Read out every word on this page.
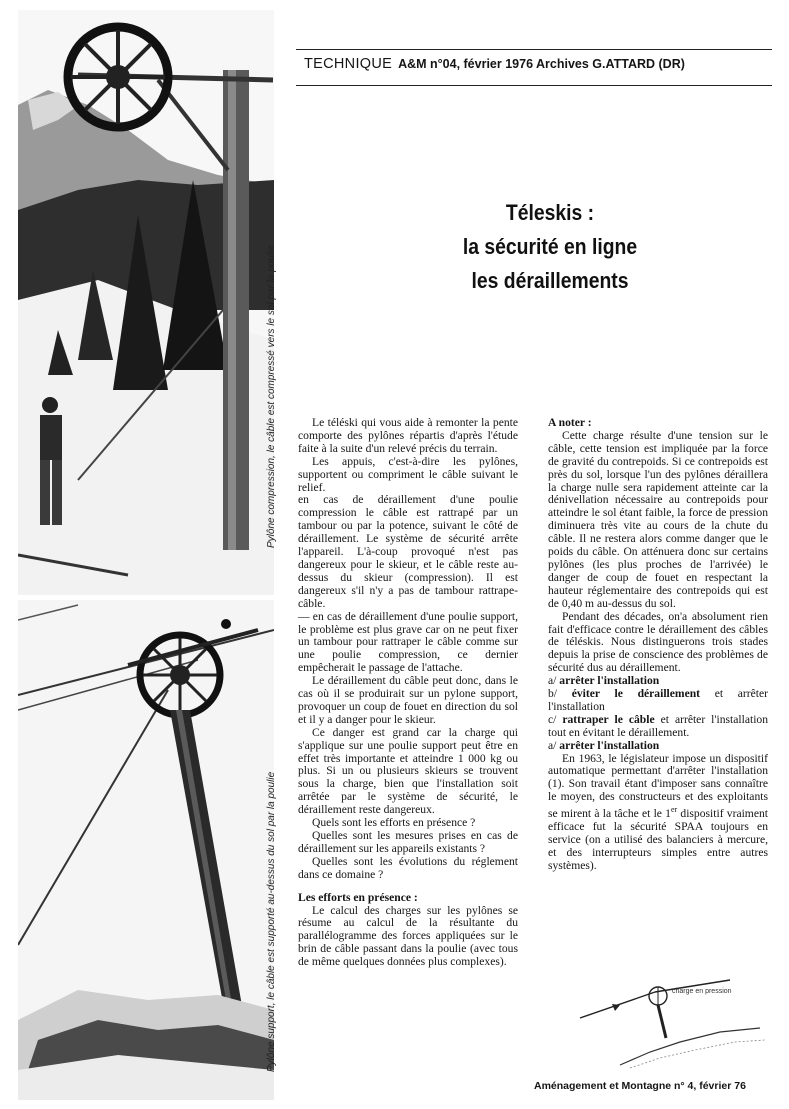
TECHNIQUE A&M n°04, février 1976 Archives G.ATTARD (DR)
Téleskis :
la sécurité en ligne
les déraillements
Pylône compression, le câble est compressé vers le sol par la poulie
Pylône support, le câble est supporté au-dessus du sol par la poulie

Le téléski qui vous aide à remonter la pente comporte des pylônes répartis d'après l'étude faite à la suite d'un relevé précis du terrain.

Les appuis, c'est-à-dire les pylônes, supportent ou compriment le câble suivant le relief.

en cas de déraillement d'une poulie compression le câble est rattrapé par un tambour ou par la potence, suivant le côté de déraillement. Le système de sécurité arrête l'appareil. L'à-coup provoqué n'est pas dangereux pour le skieur, et le câble reste au-dessus du skieur (compression). Il est dangereux s'il n'y a pas de tambour rattrape-câble.

— en cas de déraillement d'une poulie support, le problème est plus grave car on ne peut fixer un tambour pour rattraper le câble comme sur une poulie compression, ce dernier empêcherait le passage de l'attache.

Le déraillement du câble peut donc, dans le cas où il se produirait sur un pylone support, provoquer un coup de fouet en direction du sol et il y a danger pour le skieur.

Ce danger est grand car la charge qui s'applique sur une poulie support peut être en effet très importante et atteindre 1 000 kg ou plus. Si un ou plusieurs skieurs se trouvent sous la charge, bien que l'installation soit arrêtée par le système de sécurité, le déraillement reste dangereux.

Quels sont les efforts en présence ?

Quelles sont les mesures prises en cas de déraillement sur les appareils existants ?

Quelles sont les évolutions du réglement dans ce domaine ?

Les efforts en présence :

Le calcul des charges sur les pylônes se résume au calcul de la résultante du parallélogramme des forces appliquées sur le brin de câble passant dans la poulie (avec tous de même quelques données plus complexes).

A noter :

Cette charge résulte d'une tension sur le câble, cette tension est impliquée par la force de gravité du contrepoids. Si ce contrepoids est près du sol, lorsque l'un des pylônes déraillera la charge nulle sera rapidement atteinte car la dénivellation nécessaire au contrepoids pour atteindre le sol étant faible, la force de pression diminuera très vite au cours de la chute du câble. Il ne restera alors comme danger que le poids du câble. On atténuera donc sur certains pylônes (les plus proches de l'arrivée) le danger de coup de fouet en respectant la hauteur réglementaire des contrepoids qui est de 0,40 m au-dessus du sol.

Pendant des décades, on'a absolument rien fait d'efficace contre le déraillement des câbles de téléskis. Nous distinguerons trois stades depuis la prise de conscience des problèmes de sécurité dus au déraillement.

a/ arrêter l'installation

b/ éviter le déraillement et arrêter l'installation

c/ rattraper le câble et arrêter l'installation tout en évitant le déraillement.

a/ arrêter l'installation

En 1963, le législateur impose un dispositif automatique permettant d'arrêter l'installation (1). Son travail étant d'imposer sans connaître le moyen, des constructeurs et des exploitants se mirent à la tâche et le 1er dispositif vraiment efficace fut la sécurité SPAA toujours en service (on a utilisé des balanciers à mercure, et des interrupteurs simples entre autres systèmes).

charge en pression
Aménagement et Montagne n° 4, février 76
